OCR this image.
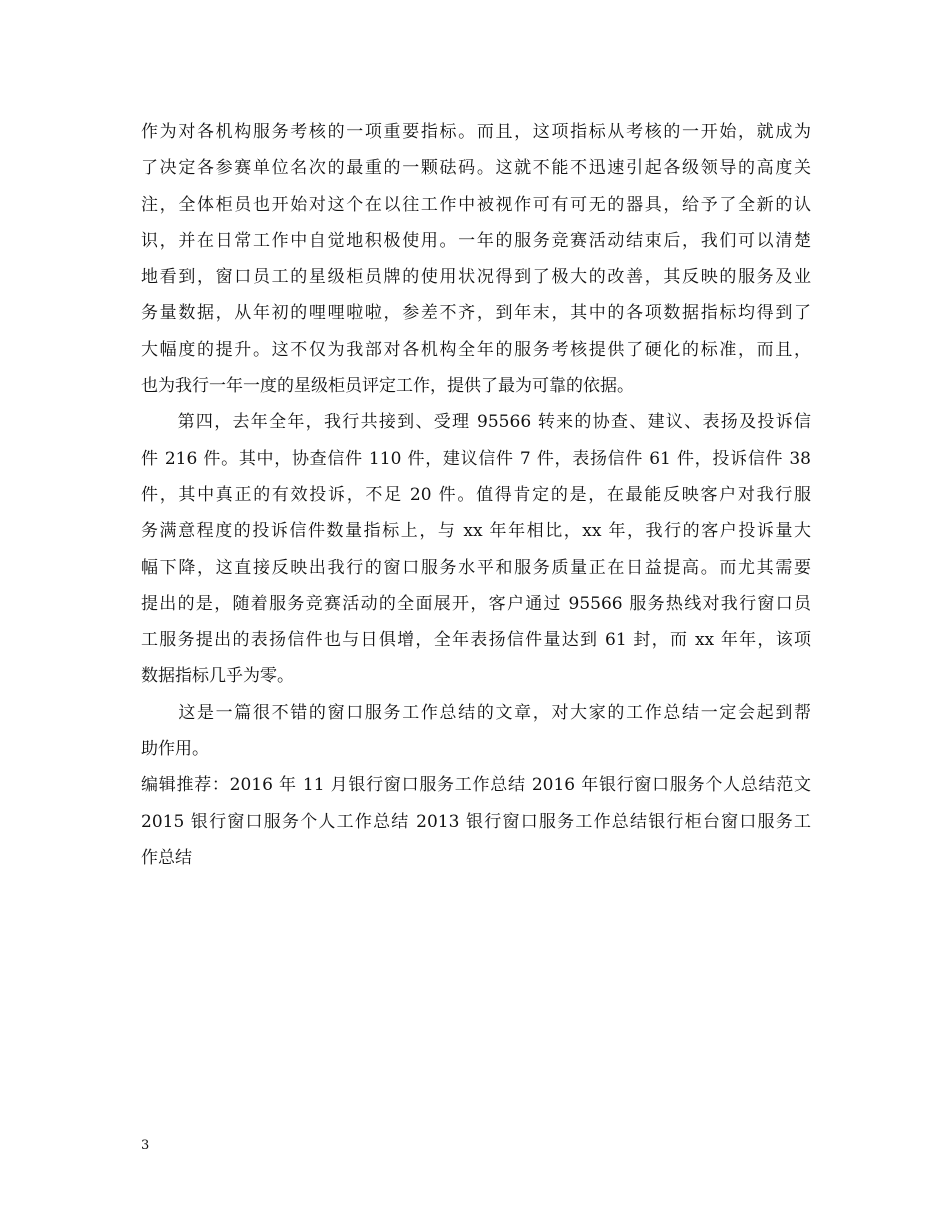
作为对各机构服务考核的一项重要指标。而且，这项指标从考核的一开始，就成为
了决定各参赛单位名次的最重的一颗砝码。这就不能不迅速引起各级领导的高度关
注，全体柜员也开始对这个在以往工作中被视作可有可无的器具，给予了全新的认
识，并在日常工作中自觉地积极使用。一年的服务竞赛活动结束后，我们可以清楚
地看到，窗口员工的星级柜员牌的使用状况得到了极大的改善，其反映的服务及业
务量数据，从年初的哩哩啦啦，参差不齐，到年末，其中的各项数据指标均得到了
大幅度的提升。这不仅为我部对各机构全年的服务考核提供了硬化的标准，而且，
也为我行一年一度的星级柜员评定工作，提供了最为可靠的依据。
　　第四，去年全年，我行共接到、受理 95566 转来的协查、建议、表扬及投诉信
件 216 件。其中，协查信件 110 件，建议信件 7 件，表扬信件 61 件，投诉信件 38
件，其中真正的有效投诉，不足 20 件。值得肯定的是，在最能反映客户对我行服
务满意程度的投诉信件数量指标上，与 xx 年年相比，xx 年，我行的客户投诉量大
幅下降，这直接反映出我行的窗口服务水平和服务质量正在日益提高。而尤其需要
提出的是，随着服务竞赛活动的全面展开，客户通过 95566 服务热线对我行窗口员
工服务提出的表扬信件也与日俱增，全年表扬信件量达到 61 封，而 xx 年年，该项
数据指标几乎为零。
　　这是一篇很不错的窗口服务工作总结的文章，对大家的工作总结一定会起到帮
助作用。
编辑推荐：2016 年 11 月银行窗口服务工作总结 2016 年银行窗口服务个人总结范文
2015 银行窗口服务个人工作总结 2013 银行窗口服务工作总结银行柜台窗口服务工
作总结
3
